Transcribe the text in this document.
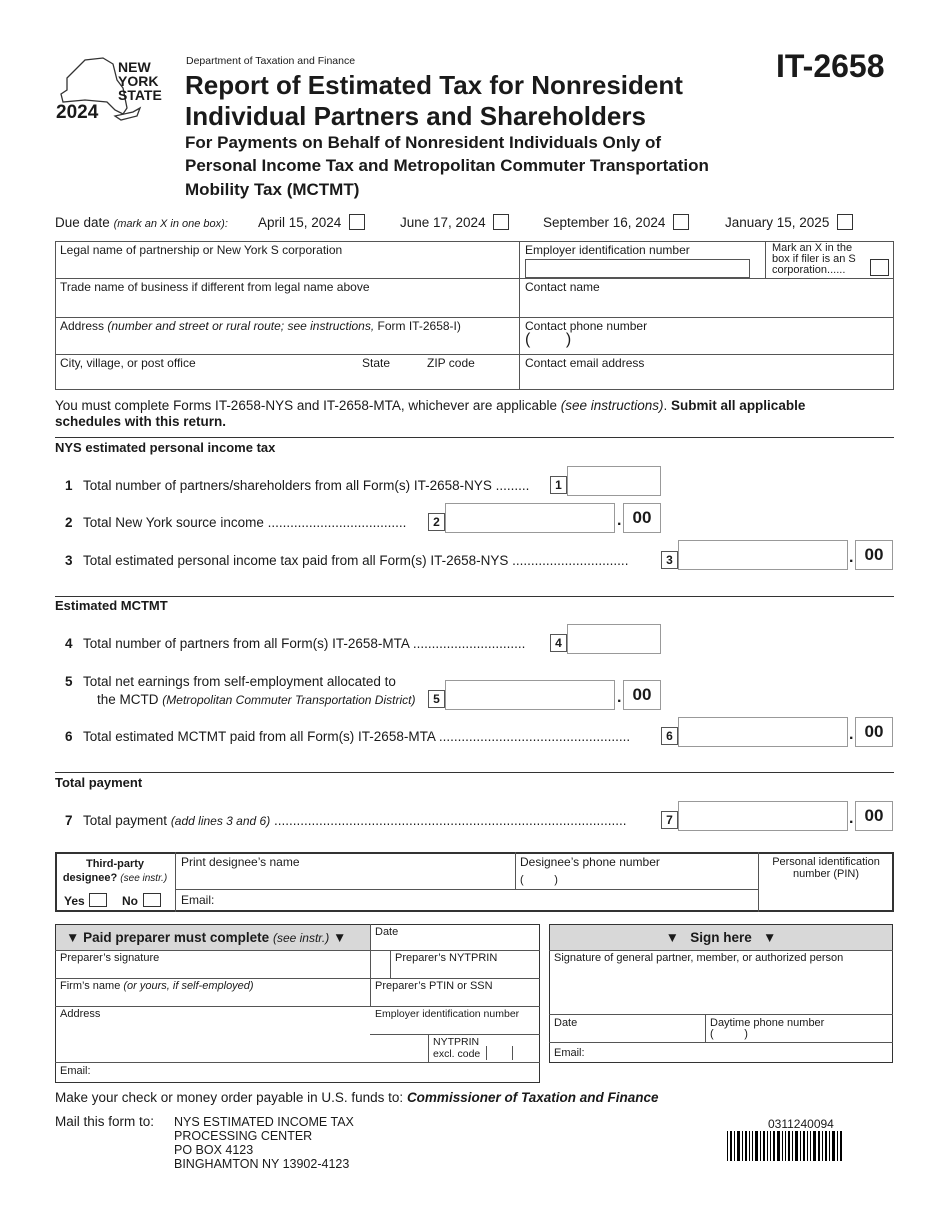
NEW
YORK
STATE
2024
Department of Taxation and Finance
Report of Estimated Tax for Nonresident
Individual Partners and Shareholders
For Payments on Behalf of Nonresident Individuals Only of
Personal Income Tax and Metropolitan Commuter Transportation
Mobility Tax (MCTMT)
IT-2658
Due date (mark an X in one box):	April 15, 2024	June 17, 2024	September 16, 2024	January 15, 2025
Legal name of partnership or New York S corporation	Employer identification number	Mark an X in the box if filer is an S corporation......
Trade name of business if different from legal name above	Contact name
Address (number and street or rural route; see instructions, Form IT-2658-I)	Contact phone number
(        )
City, village, or post office	State	ZIP code	Contact email address
You must complete Forms IT-2658-NYS and IT-2658-MTA, whichever are applicable (see instructions). Submit all applicable schedules with this return.
NYS estimated personal income tax
1 Total number of partners/shareholders from all Form(s) IT-2658-NYS .........	1
2 Total New York source income .....................................	2	. 00
3 Total estimated personal income tax paid from all Form(s) IT-2658-NYS ...............................	3	. 00
Estimated MCTMT
4 Total number of partners from all Form(s) IT-2658-MTA ..............................	4
5 Total net earnings from self-employment allocated to
the MCTD (Metropolitan Commuter Transportation District)	5	. 00
6 Total estimated MCTMT paid from all Form(s) IT-2658-MTA ...................................................	6	. 00
Total payment
7 Total payment (add lines 3 and 6) ..............................................................................................	7	. 00
Third-party
designee? (see instr.)
Yes	No
Print designee’s name	Designee’s phone number
(          )
Personal identification number (PIN)
Email:
▼ Paid preparer must complete (see instr.) ▼	Date
Preparer’s signature	Preparer’s NYTPRIN
Firm’s name (or yours, if self-employed)	Preparer’s PTIN or SSN
Address	Employer identification number
NYTPRIN
excl. code
Email:
▼   Sign here   ▼
Signature of general partner, member, or authorized person
Date	Daytime phone number
(          )
Email:
Make your check or money order payable in U.S. funds to: Commissioner of Taxation and Finance
Mail this form to: NYS ESTIMATED INCOME TAX
PROCESSING CENTER
PO BOX 4123
BINGHAMTON NY 13902-4123
0311240094
